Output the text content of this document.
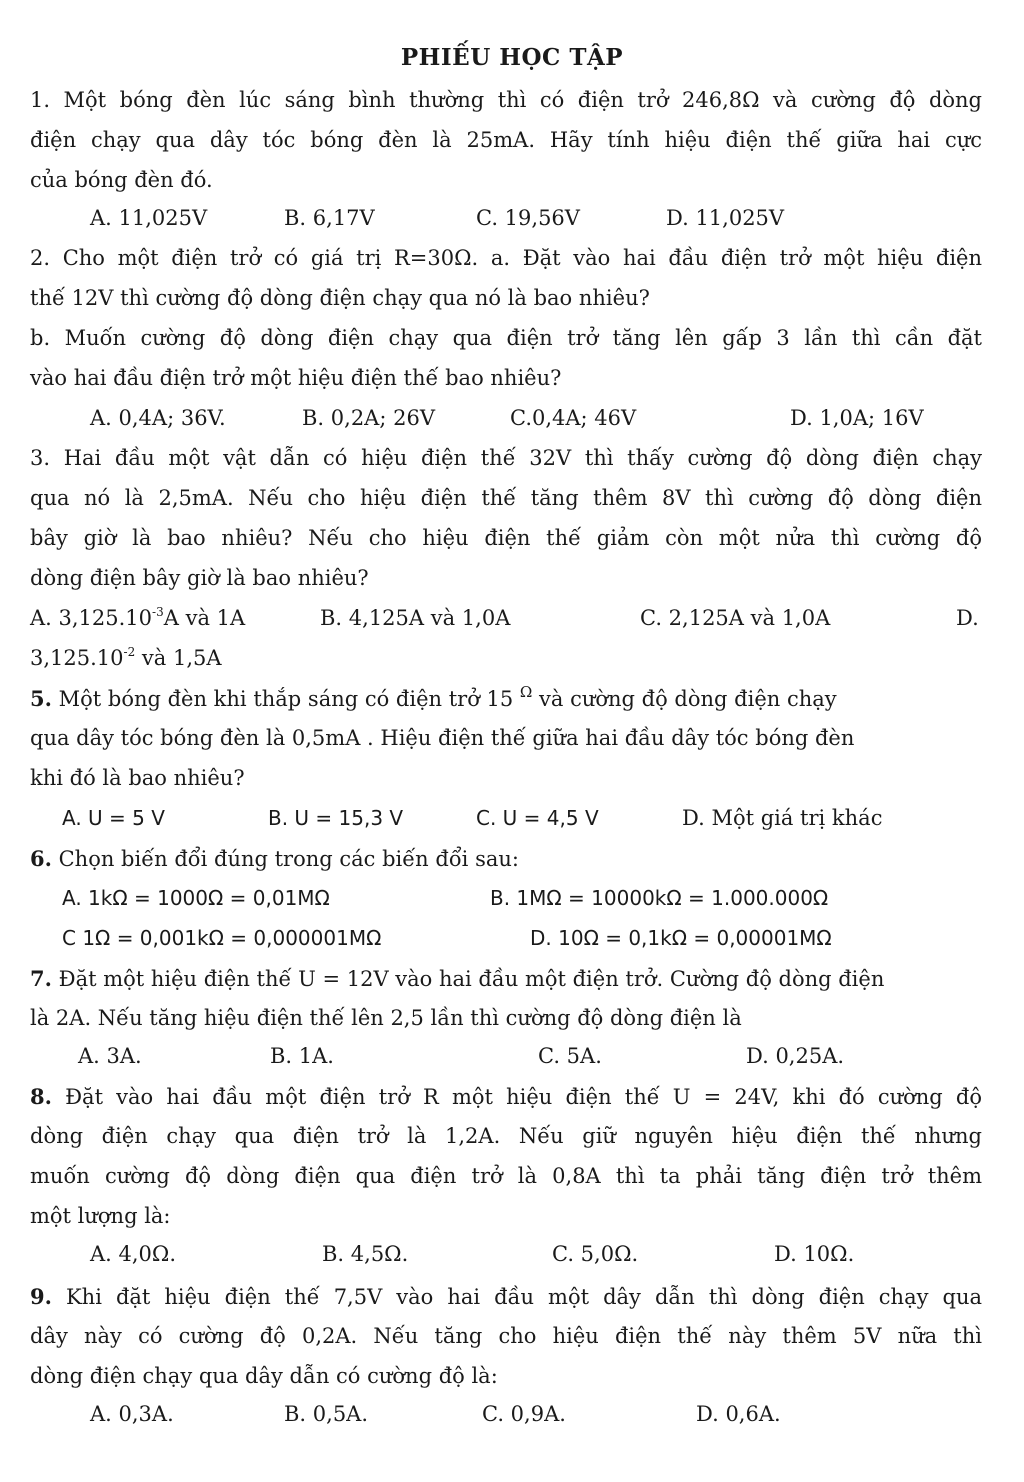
PHIẾU HỌC TẬP
1. Một bóng đèn lúc sáng bình thường thì có điện trở 246,8Ω và cường độ dòng
điện chạy qua dây tóc bóng đèn là 25mA. Hãy tính hiệu điện thế giữa hai cực
của bóng đèn đó.
A. 11,025V	B. 6,17V	C. 19,56V	D. 11,025V
2. Cho một điện trở có giá trị R=30Ω. a. Đặt vào hai đầu điện trở một hiệu điện
thế 12V thì cường độ dòng điện chạy qua nó là bao nhiêu?
b. Muốn cường độ dòng điện chạy qua điện trở tăng lên gấp 3 lần thì cần đặt
vào hai đầu điện trở một hiệu điện thế bao nhiêu?
A. 0,4A; 36V.	B. 0,2A; 26V	C.0,4A; 46V	D. 1,0A; 16V
3. Hai đầu một vật dẫn có hiệu điện thế 32V thì thấy cường độ dòng điện chạy
qua nó là 2,5mA. Nếu cho hiệu điện thế tăng thêm 8V thì cường độ dòng điện
bây giờ là bao nhiêu? Nếu cho hiệu điện thế giảm còn một nửa thì cường độ
dòng điện bây giờ là bao nhiêu?
A. $3,125.10^{-3}A$ và 1A	B. 4,125A và 1,0A	C. 2,125A và 1,0A	D.
$3,125.10^{-2}$ và 1,5A
5. Một bóng đèn khi thắp sáng có điện trở 15 $^\Omega$ và cường độ dòng điện chạy
qua dây tóc bóng đèn là 0,5mA . Hiệu điện thế giữa hai đầu dây tóc bóng đèn
khi đó là bao nhiêu?
A. U = 5 V	B. U = 15,3 V	C. U = 4,5 V	D. Một giá trị khác
6. Chọn biến đổi đúng trong các biến đổi sau:
A. 1kΩ = 1000Ω = 0,01MΩ	B. 1MΩ = 10000kΩ = 1.000.000Ω
C 1Ω = 0,001kΩ = 0,000001MΩ	D. 10Ω = 0,1kΩ = 0,00001MΩ
7. Đặt một hiệu điện thế U = 12V vào hai đầu một điện trở. Cường độ dòng điện
là 2A. Nếu tăng hiệu điện thế lên 2,5 lần thì cường độ dòng điện là
A. 3A.	B. 1A.	C. 5A.	D. 0,25A.
8. Đặt vào hai đầu một điện trở R một hiệu điện thế U = 24V, khi đó cường độ
dòng điện chạy qua điện trở là 1,2A. Nếu giữ nguyên hiệu điện thế nhưng
muốn cường độ dòng điện qua điện trở là 0,8A thì ta phải tăng điện trở thêm
một lượng là:
A. 4,0Ω.	B. 4,5Ω.	C. 5,0Ω.	D. 10Ω.
9. Khi đặt hiệu điện thế 7,5V vào hai đầu một dây dẫn thì dòng điện chạy qua
dây này có cường độ 0,2A. Nếu tăng cho hiệu điện thế này thêm 5V nữa thì
dòng điện chạy qua dây dẫn có cường độ là:
A. 0,3A.	B. 0,5A.	C. 0,9A.	D. 0,6A.
